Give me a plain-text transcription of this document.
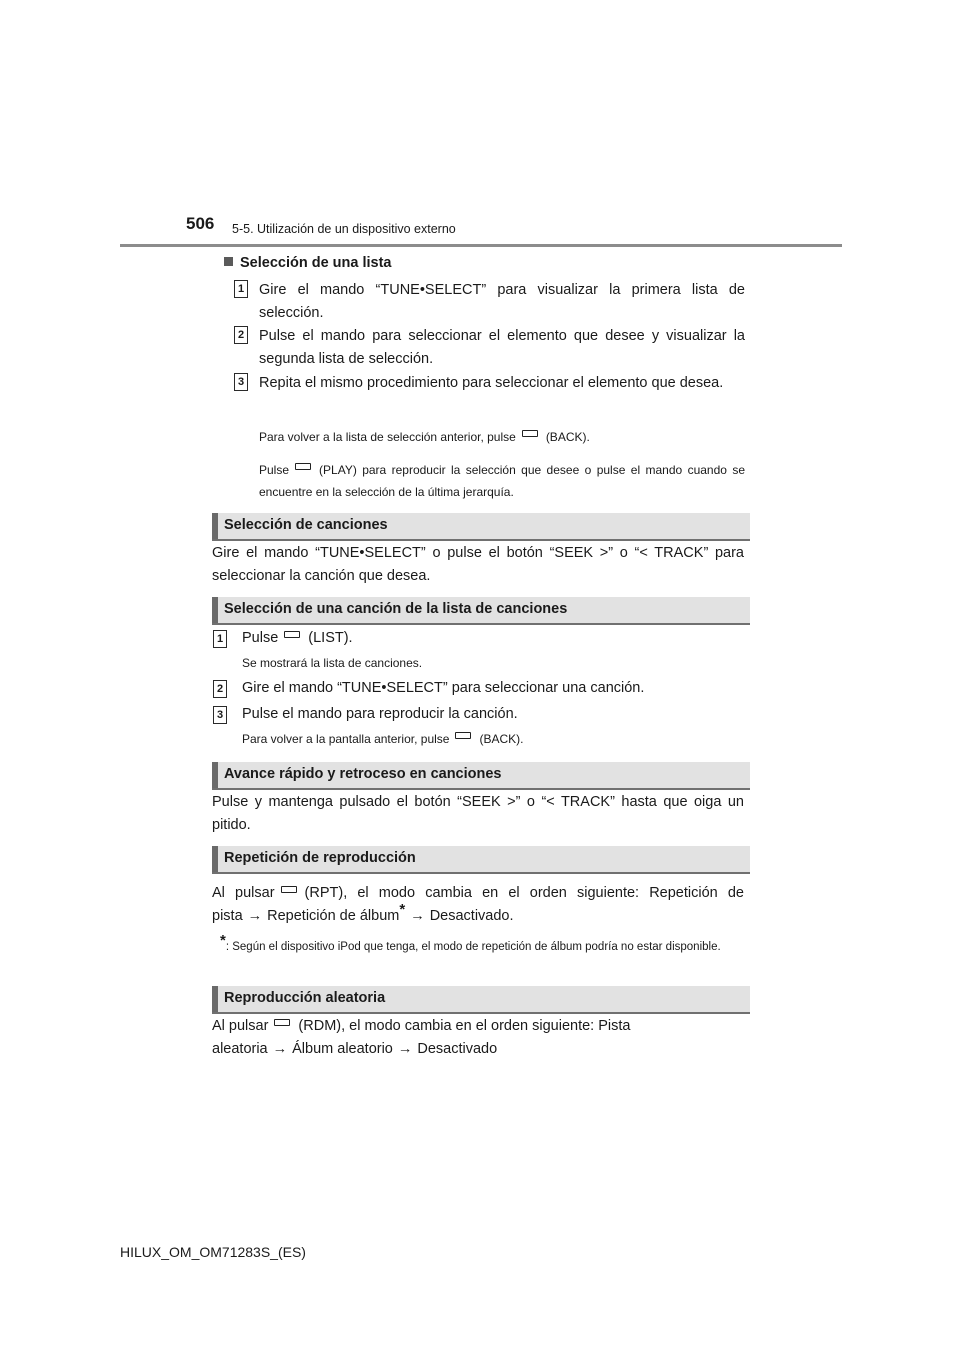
506 5-5. Utilización de un dispositivo externo
Selección de una lista
1 Gire el mando “TUNE•SELECT” para visualizar la primera lista de selección.
2 Pulse el mando para seleccionar el elemento que desee y visualizar la segunda lista de selección.
3 Repita el mismo procedimiento para seleccionar el elemento que desea.
Para volver a la lista de selección anterior, pulse	(BACK).
Pulse	(PLAY) para reproducir la selección que desee o pulse el mando cuando se encuentre en la selección de la última jerarquía.
Selección de canciones
Gire el mando “TUNE•SELECT” o pulse el botón “SEEK >” o “< TRACK” para seleccionar la canción que desea.
Selección de una canción de la lista de canciones
1 Pulse (LIST).
Se mostrará la lista de canciones.
2 Gire el mando “TUNE•SELECT” para seleccionar una canción.
3 Pulse el mando para reproducir la canción.
Para volver a la pantalla anterior, pulse	(BACK).
Avance rápido y retroceso en canciones
Pulse y mantenga pulsado el botón “SEEK >” o “< TRACK” hasta que oiga un pitido.
Repetición de reproducción
Al pulsar (RPT), el modo cambia en el orden siguiente: Repetición de pista → Repetición de álbum* → Desactivado.
*: Según el dispositivo iPod que tenga, el modo de repetición de álbum podría no estar disponible.
Reproducción aleatoria
Al pulsar (RDM), el modo cambia en el orden siguiente: Pista aleatoria → Álbum aleatorio → Desactivado
HILUX_OM_OM71283S_(ES)
